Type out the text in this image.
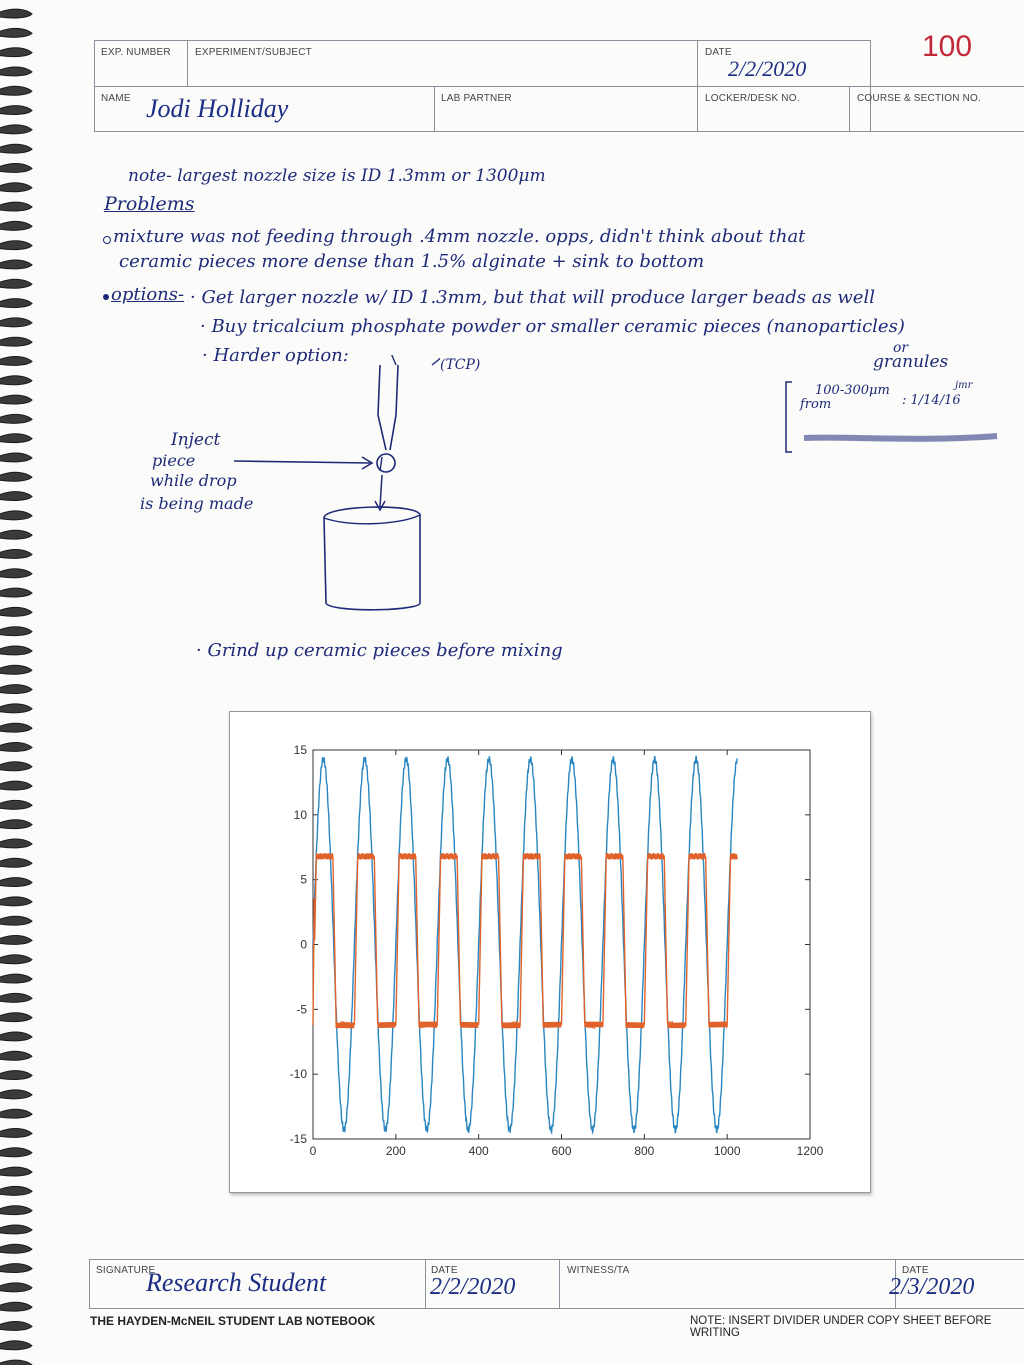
100
EXP. NUMBER EXPERIMENT/SUBJECT	DATE
2/2/2020
NAME Jodi Holliday	LAB PARTNER	LOCKER/DESK NO.	COURSE & SECTION NO.
note- largest nozzle size is ID 1.3mm or 1300μm
Problems
mixture was not feeding through .4mm nozzle. opps, didn't think about that
ceramic pieces more dense than 1.5% alginate + sink to bottom
options- · Get larger nozzle w/ ID 1.3mm, but that will produce larger beads as well
· Buy tricalcium phosphate powder or smaller ceramic pieces (nanoparticles)
or
granules
· Harder option:	(TCP)
100-300μm
from	: 1/14/16
jmr
Inject
piece
while drop
is being made
· Grind up ceramic pieces before mixing
0	200	400	600	800	1000	1200
15
10
5
0
-5
-10
-15
SIGNATURE
Research Student	DATE
2/2/2020
WITNESS/TA	DATE
2/3/2020
THE HAYDEN-McNEIL STUDENT LAB NOTEBOOK	NOTE: INSERT DIVIDER UNDER COPY SHEET BEFORE WRITING
